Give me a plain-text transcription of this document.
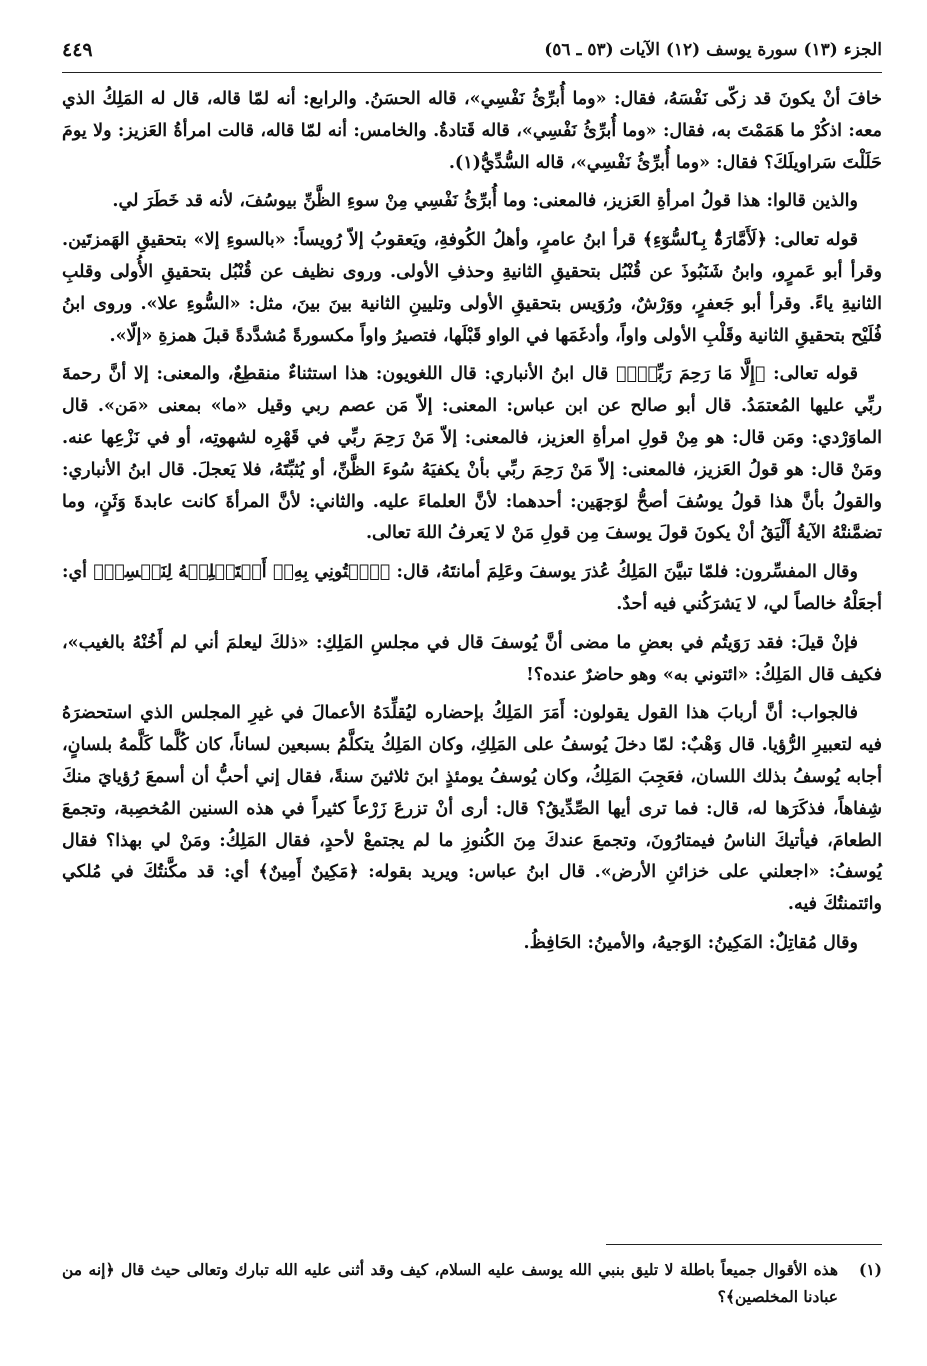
الجزء (١٣) سورة يوسف (١٢) الآيات (٥٣ ـ ٥٦)
٤٤٩

خافَ أنْ يكونَ قد زكّى نَفْسَهُ، فقال: «وما أُبرِّئُ نَفْسِي»، قاله الحسَنُ. والرابع: أنه لمّا قاله، قال له المَلِكُ الذي معه: اذكُرْ ما هَمَمْتَ به، فقال: «وما أُبرِّئُ نَفْسِي»، قاله قَتادةُ. والخامس: أنه لمّا قاله، قالت امرأةُ العَزيز: ولا يومَ حَلَلْتَ سَراويلَكَ؟ فقال: «وما أُبرِّئُ نَفْسِي»، قاله السُّدِّيُّ(١).

والذين قالوا: هذا قولُ امرأةِ العَزيز، فالمعنى: وما أُبرِّئُ نَفْسِي مِنْ سوءِ الظَّنِّ بيوسُفَ، لأنه قد خَطَرَ لي.

قوله تعالى: ﴿لَأَمَّارَةٌۢ بِٱلسُّوٓءِ﴾ قرأ ابنُ عامرٍ، وأهلُ الكُوفةِ، ويَعقوبُ إلاّ رُويساً: «بالسوءِ إلا» بتحقيقِ الهَمزتَين. وقرأ أبو عَمرٍو، وابنُ شَنَبُوذَ عن قُنْبُل بتحقيقِ الثانيةِ وحذفِ الأولى. وروى نظيف عن قُنْبُل بتحقيقِ الأُولى وقلبِ الثانيةِ ياءً. وقرأ أبو جَعفرٍ، ووَرْشٌ، ورُوَيس بتحقيقِ الأولى وتليينِ الثانية بينَ بينَ، مثل: «السُّوءِ علا». وروى ابنُ فُلَيْح بتحقيقِ الثانية وقَلْبِ الأولى واواً، وأدغَمَها في الواو قَبْلَها، فتصيرُ واواً مكسورةً مُشدَّدةً قبلَ همزةِ «إلّا».

قوله تعالى: ﴿إِلَّا مَا رَحِمَ رَبِّيٓۚ﴾ قال ابنُ الأنباري: قال اللغويون: هذا استثناءٌ منقطِعٌ، والمعنى: إلا أنَّ رحمةَ ربِّي عليها المُعتمَدُ. قال أبو صالح عن ابن عباس: المعنى: إلاّ مَن عصم ربي وقيل «ما» بمعنى «مَن». قال الماوَرْدي: ومَن قال: هو مِنْ قولِ امرأةِ العزيز، فالمعنى: إلاّ مَنْ رَحِمَ ربِّي في قَهْرِه لشهوتِه، أو في نَزْعِها عنه. ومَنْ قال: هو قولُ العَزيز، فالمعنى: إلاّ مَنْ رَحِمَ ربِّي بأنْ يكفيَهُ سُوءَ الظَّنِّ، أو يُثبِّتَهُ، فلا يَعجلَ. قال ابنُ الأنباري: والقولُ بأنَّ هذا قولُ يوسُفَ أصحُّ لوَجهَين: أحدهما: لأنَّ العلماءَ عليه. والثاني: لأنَّ المرأةَ كانت عابدةَ وَثَنٍ، وما تضمَّنتْهُ الآيةُ أَلْيَقُ أنْ يكونَ قولَ يوسفَ مِن قولِ مَنْ لا يَعرفُ اللهَ تعالى.

وقال المفسِّرون: فلمّا تبيَّنَ المَلِكُ عُذرَ يوسفَ وعَلِمَ أمانتَهُ، قال: ﴿ٱئۡتُونِي بِهِۦٓ أَسۡتَخۡلِصۡهُ لِنَفۡسِيۖ﴾ أي: أجعَلْهُ خالصاً لي، لا يَشرَكُني فيه أحدٌ.

فإنْ قيلَ: فقد رَوَيتُم في بعضِ ما مضى أنَّ يُوسفَ قال في مجلسِ المَلِكِ: «ذلكَ ليعلمَ أني لم أَخُنْهُ بالغيب»، فكيف قال المَلِكُ: «ائتوني به» وهو حاضرٌ عنده؟!

فالجواب: أنَّ أربابَ هذا القول يقولون: أَمَرَ المَلِكُ بإحضاره ليُقلِّدَهُ الأعمالَ في غيرِ المجلس الذي استحضرَهُ فيه لتعبيرِ الرُّؤيا. قال وَهْبٌ: لمّا دخلَ يُوسفُ على المَلِكِ، وكان المَلِكُ يتكلَّمُ بسبعين لساناً، كان كُلَّما كَلَّمهُ بلسانٍ، أجابه يُوسفُ بذلك اللسان، فعَجِبَ المَلِكُ، وكان يُوسفُ يومئذٍ ابنَ ثلاثينَ سنةً، فقال إني أحبُّ أن أسمعَ رُؤيايَ منكَ شِفاهاً، فذكَرَها له، قال: فما ترى أيها الصِّدِّيقُ؟ قال: أرى أنْ تزرعَ زَرْعاً كثيراً في هذه السنين المُخصِبة، وتجمعَ الطعامَ، فيأتيكَ الناسُ فيمتارُونَ، وتجمعَ عندكَ مِنَ الكُنوزِ ما لم يجتمعْ لأحدٍ، فقال المَلِكُ: ومَنْ لي بهذا؟ فقال يُوسفُ: «اجعلني على خزائنِ الأرض». قال ابنُ عباس: ويريد بقوله: ﴿مَكِينٌ أَمِينٌ﴾ أي: قد مكَّنتُكَ في مُلكي وائتمنتُكَ فيه.

وقال مُقاتِلٌ: المَكِينُ: الوَجيهُ، والأمينُ: الحَافِظُ.

(١)
هذه الأقوال جميعاً باطلة لا تليق بنبي الله يوسف عليه السلام، كيف وقد أثنى عليه الله تبارك وتعالى حيث قال ﴿إنه من عبادنا المخلصين﴾؟
